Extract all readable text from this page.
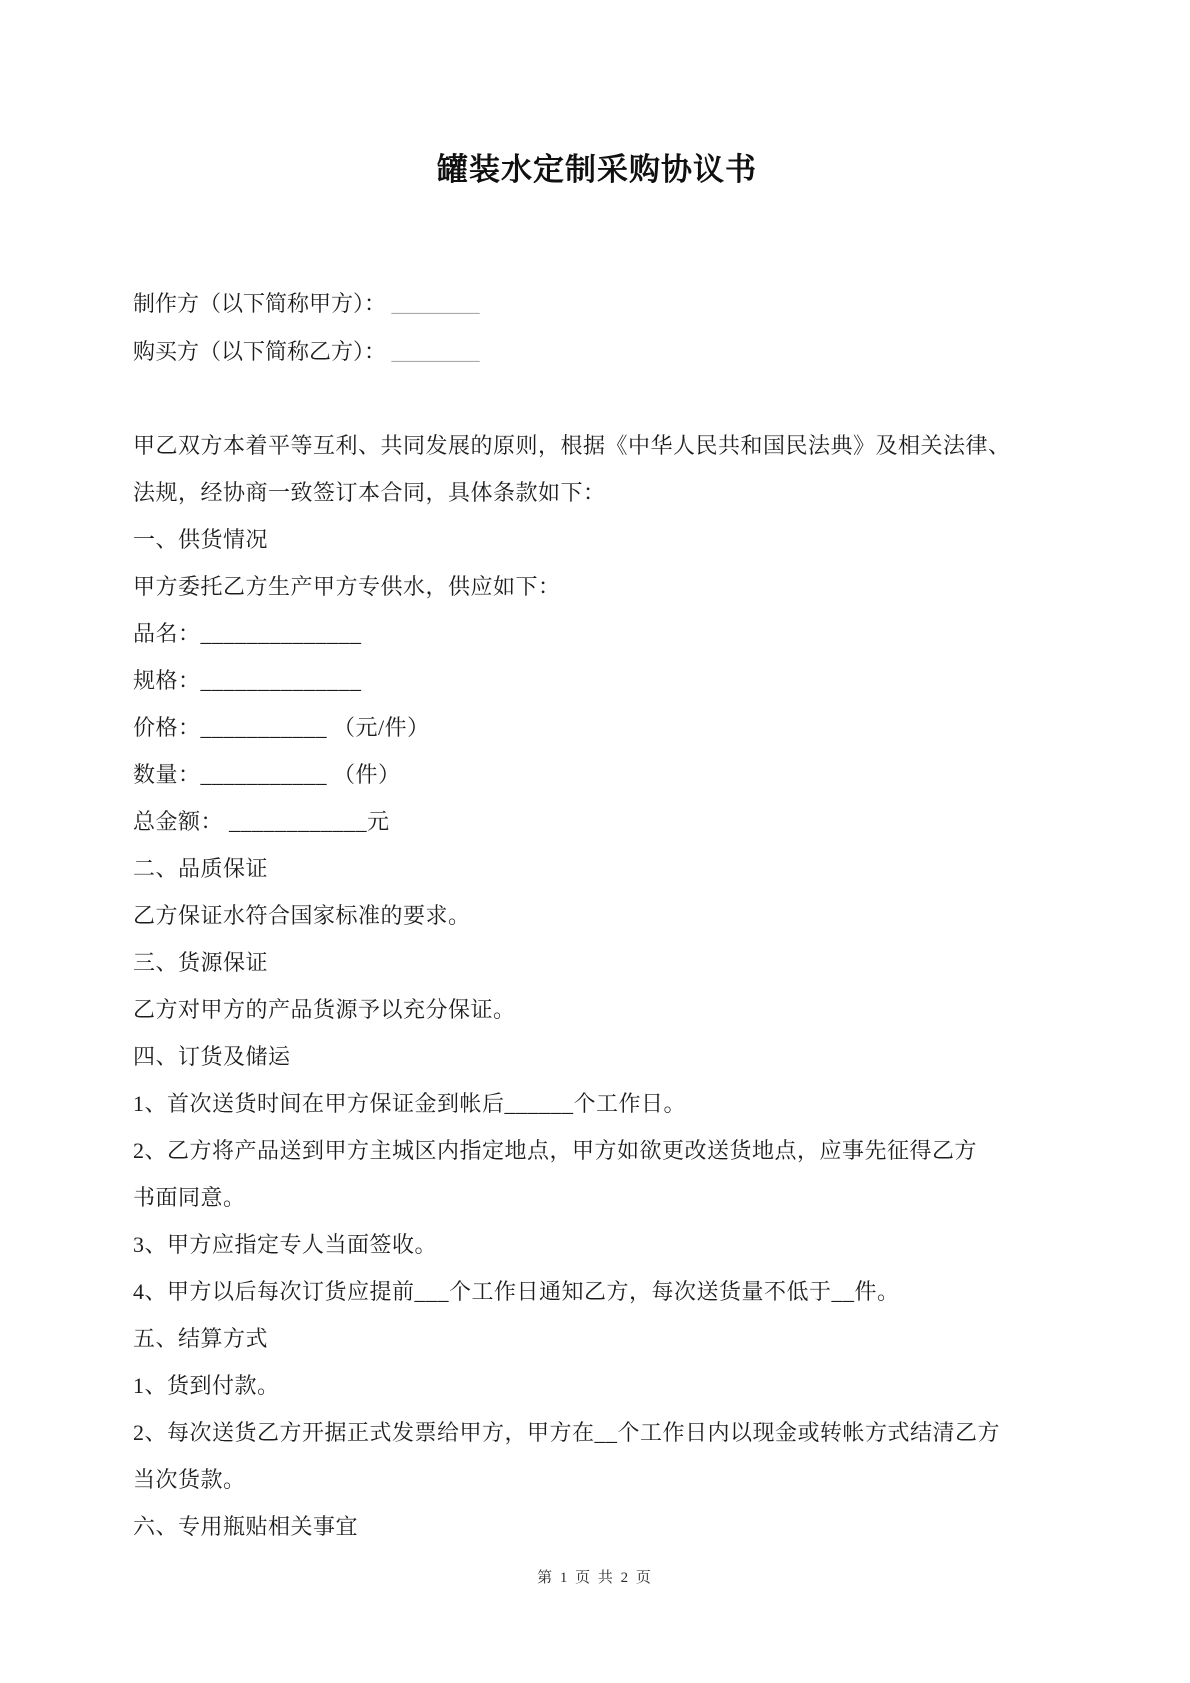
罐装水定制采购协议书
制作方（以下简称甲方）： ________
购买方（以下简称乙方）： ________
甲乙双方本着平等互利、共同发展的原则，根据《中华人民共和国民法典》及相关法律、
法规，经协商一致签订本合同，具体条款如下：
一、供货情况
甲方委托乙方生产甲方专供水，供应如下：
品名：______________
规格：______________
价格：___________ （元/件）
数量：___________ （件）
总金额： ____________元
二、品质保证
乙方保证水符合国家标准的要求。
三、货源保证
乙方对甲方的产品货源予以充分保证。
四、订货及储运
1、首次送货时间在甲方保证金到帐后______个工作日。
2、乙方将产品送到甲方主城区内指定地点，甲方如欲更改送货地点，应事先征得乙方
书面同意。
3、甲方应指定专人当面签收。
4、甲方以后每次订货应提前___个工作日通知乙方，每次送货量不低于__件。
五、结算方式
1、货到付款。
2、每次送货乙方开据正式发票给甲方，甲方在__个工作日内以现金或转帐方式结清乙方
当次货款。
六、专用瓶贴相关事宜
第 1 页 共 2 页
